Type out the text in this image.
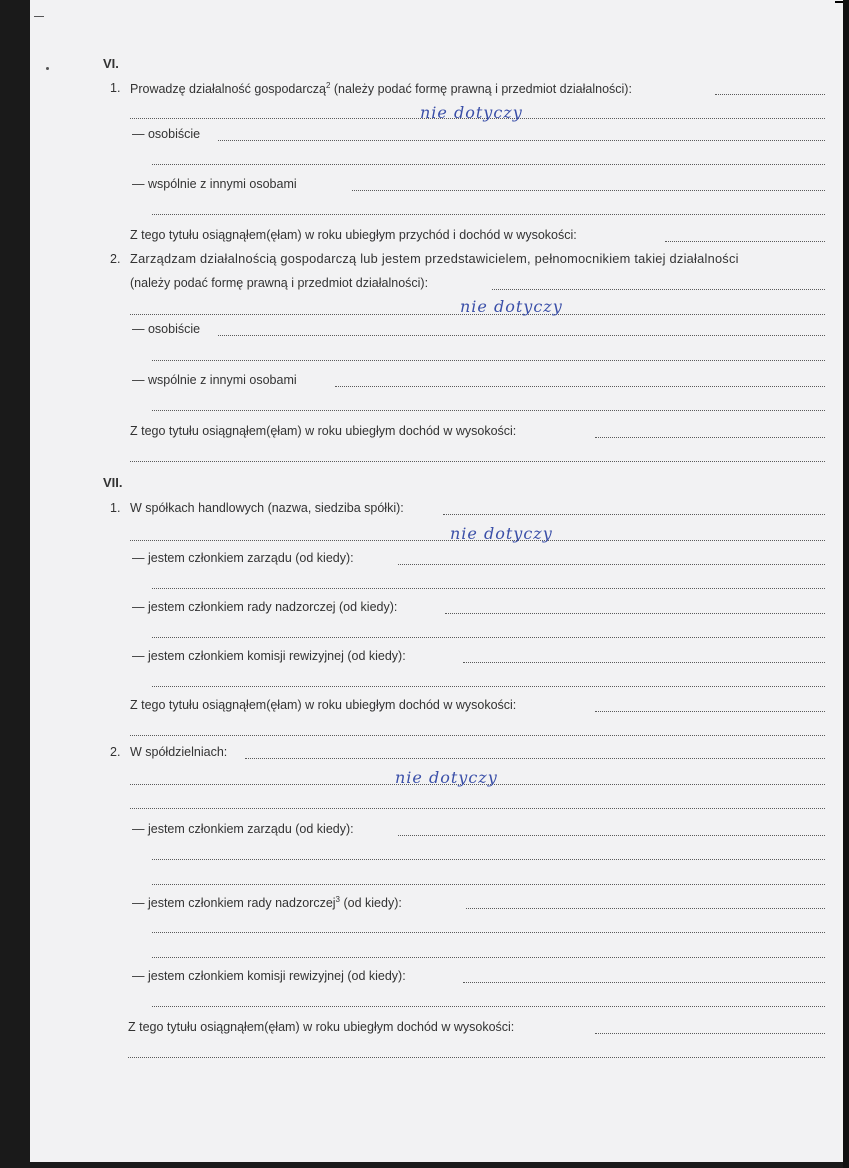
VI.
1. Prowadzę działalność gospodarczą$^2$ (należy podać formę prawną i przedmiot działalności):
nie dotyczy
— osobiście
— wspólnie z innymi osobami
Z tego tytułu osiągnąłem(ęłam) w roku ubiegłym przychód i dochód w wysokości:
2. Zarządzam działalnością gospodarczą lub jestem przedstawicielem, pełnomocnikiem takiej działalności
(należy podać formę prawną i przedmiot działalności):
nie dotyczy
— osobiście
— wspólnie z innymi osobami
Z tego tytułu osiągnąłem(ęłam) w roku ubiegłym dochód w wysokości:
VII.
1. W spółkach handlowych (nazwa, siedziba spółki):
nie dotyczy
— jestem członkiem zarządu (od kiedy):
— jestem członkiem rady nadzorczej (od kiedy):
— jestem członkiem komisji rewizyjnej (od kiedy):
Z tego tytułu osiągnąłem(ęłam) w roku ubiegłym dochód w wysokości:
2. W spółdzielniach:
nie dotyczy
— jestem członkiem zarządu (od kiedy):
— jestem członkiem rady nadzorczej$^3$ (od kiedy):
— jestem członkiem komisji rewizyjnej (od kiedy):
Z tego tytułu osiągnąłem(ęłam) w roku ubiegłym dochód w wysokości:
